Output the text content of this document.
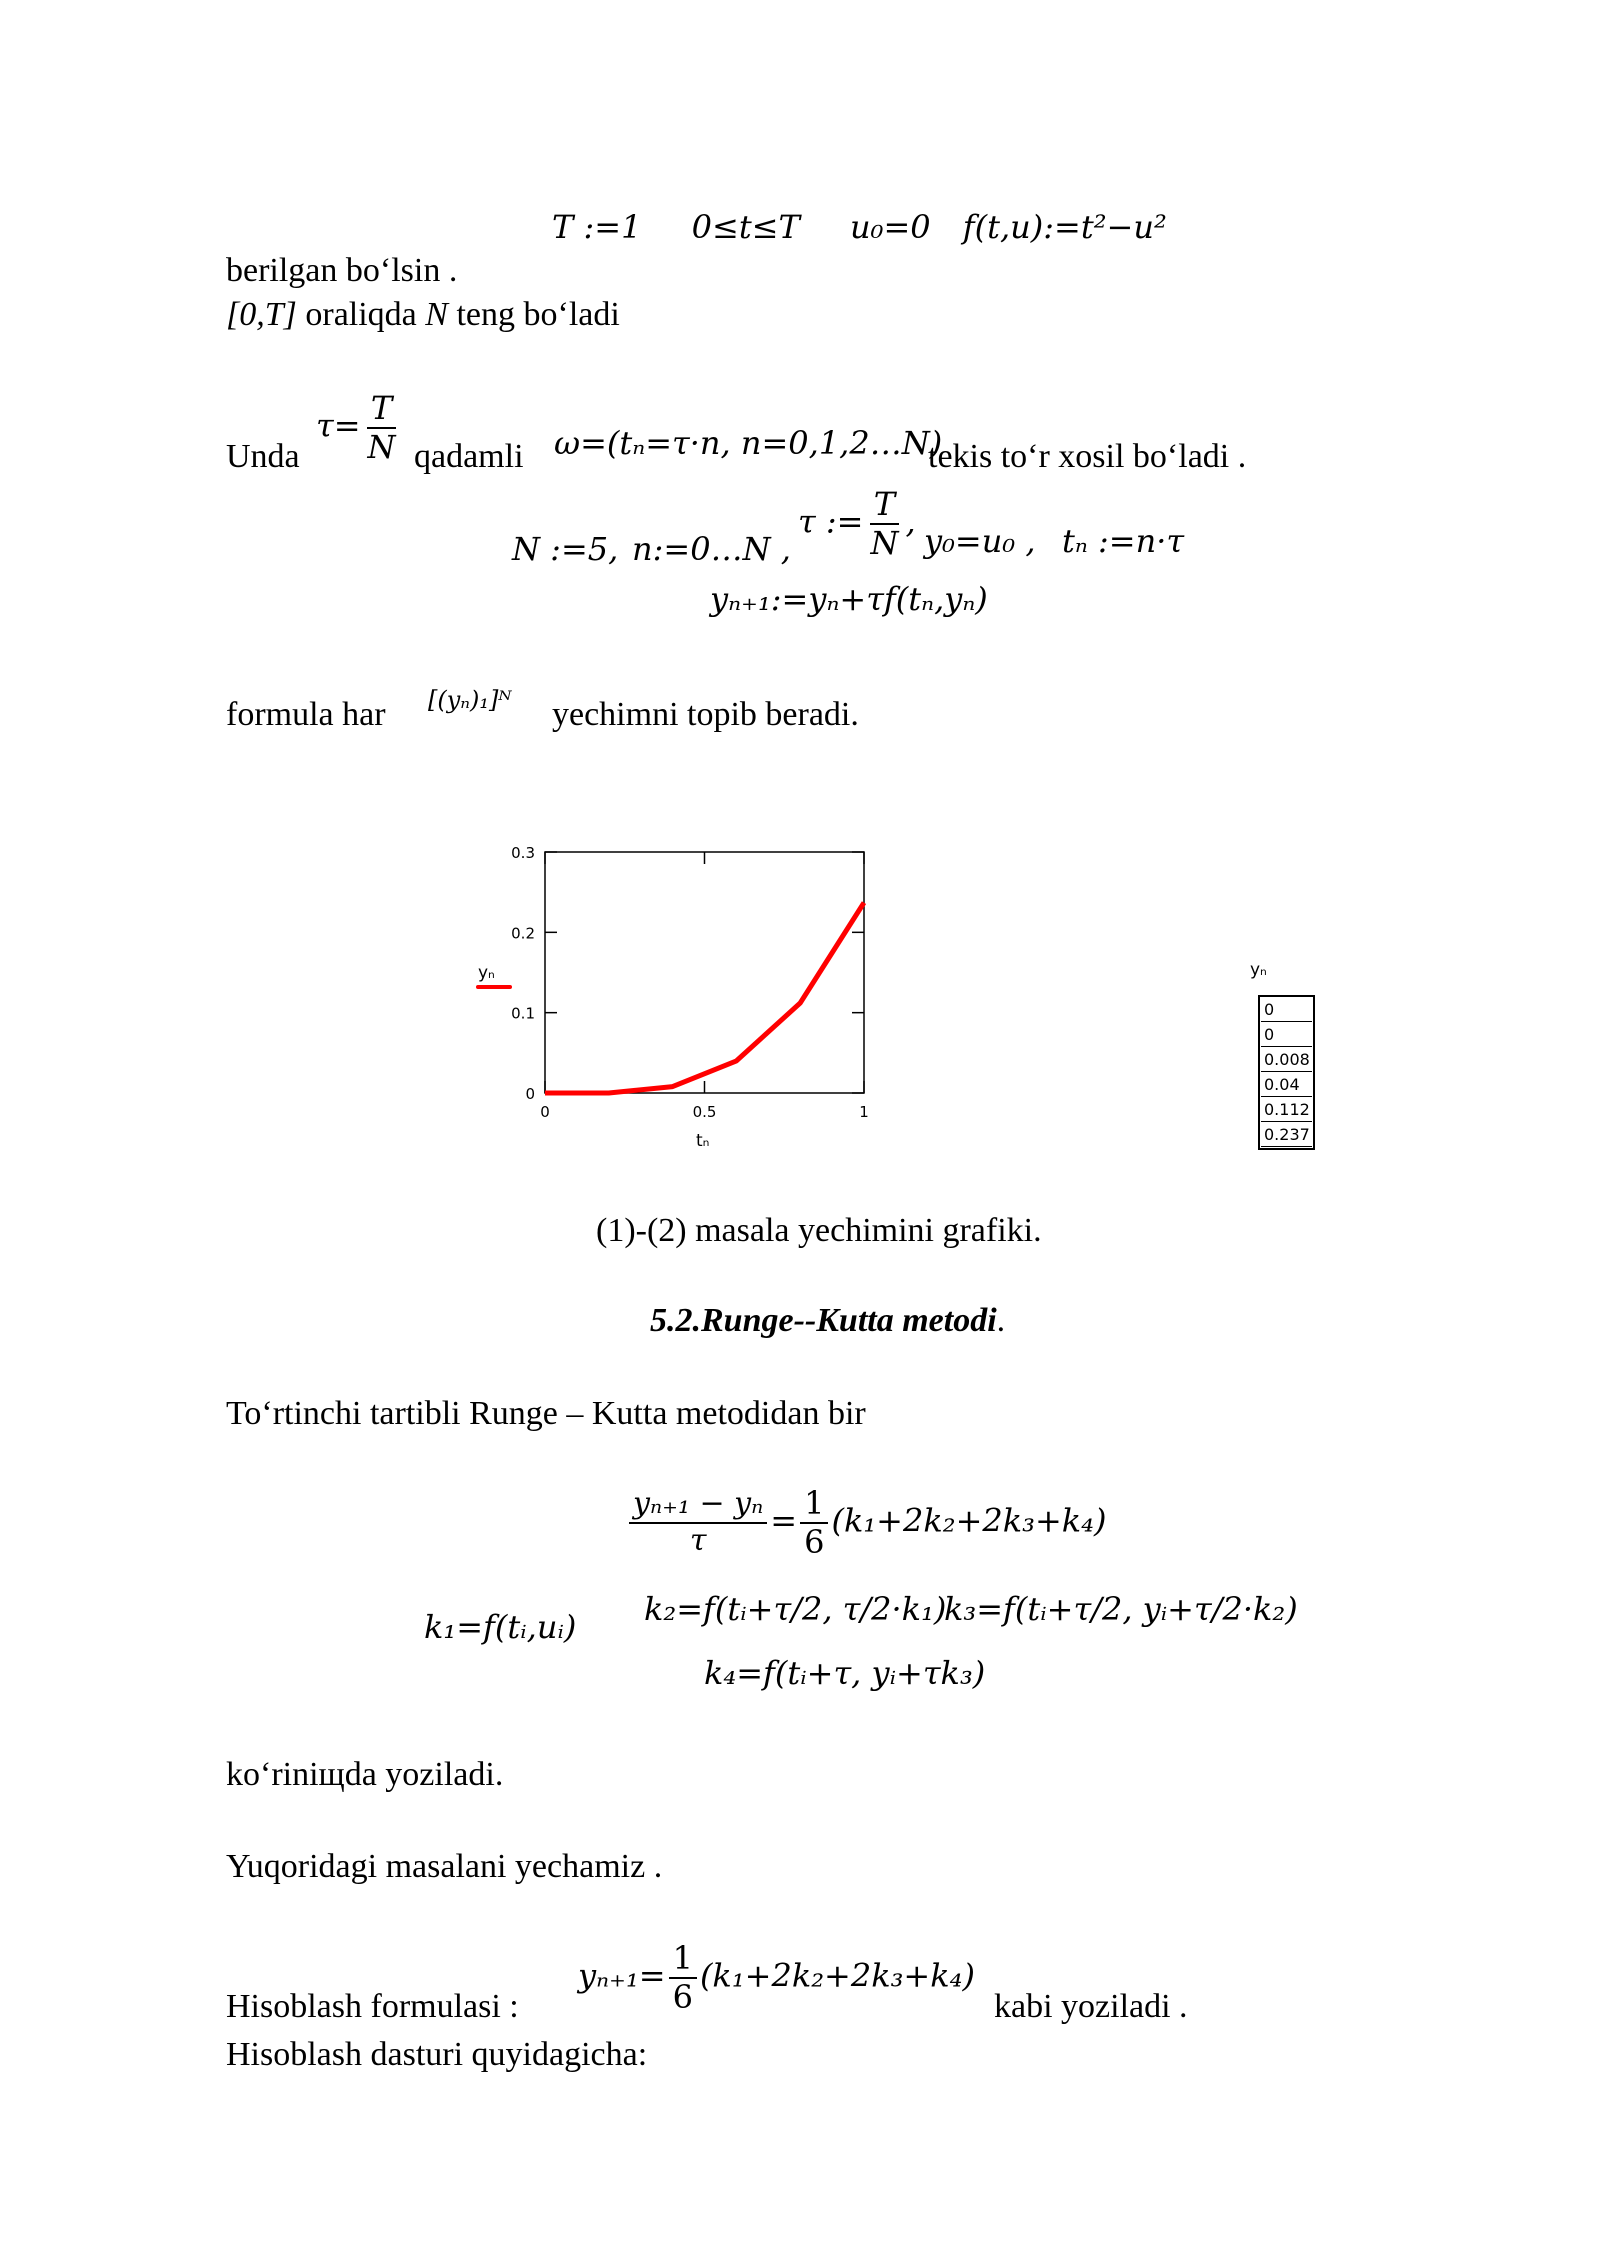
T :=1 0≤t≤T u₀=0 f(t,u):=t²−u²
berilgan bo‘lsin .
[0,T] oraliqda N teng bo‘ladi
Unda
$\tau= \frac{T}{N}$ qadamli ω=(tₙ=τ·n, n=0,1,2…N)
tekis to‘r xosil bo‘ladi .
N :=5, n:=0…N ,
τ := $\frac{T}{N}$ ,
y₀=u₀ , tₙ :=n·τ
yₙ₊₁:=yₙ+τf(tₙ,yₙ)
formula har [(yₙ)₁]ᴺ yechimni topib beradi.
0
0.1
0.2
0.3
0	0.5	1
yₙ
tₙ
yₙ
0
0
0.008
0.04
0.112
0.237
(1)-(2) masala yechimini grafiki.
5.2.Runge--Kutta metodi.
To‘rtinchi tartibli Runge – Kutta metodidan bir
$\frac{\text{yₙ₊₁ − yₙ}}{\tau} = \frac{1}{6} (k_1+2k_2+2k_3+k_4)$
k₁=f(tᵢ,uᵢ) k₂=f(tᵢ+τ/2, τ/2·k₁)
k₃=f(tᵢ+τ/2, yᵢ+τ/2·k₂)
k₄=f(tᵢ+τ, yᵢ+τk₃)
ko‘riniщda yoziladi.
Yuqoridagi masalani yechamiz .
Hisoblash formulasi :
$y_{n+1}= \frac{1}{6} (k_1+2k_2+2k_3+k_4)$
kabi yoziladi .
Hisoblash dasturi quyidagicha:
